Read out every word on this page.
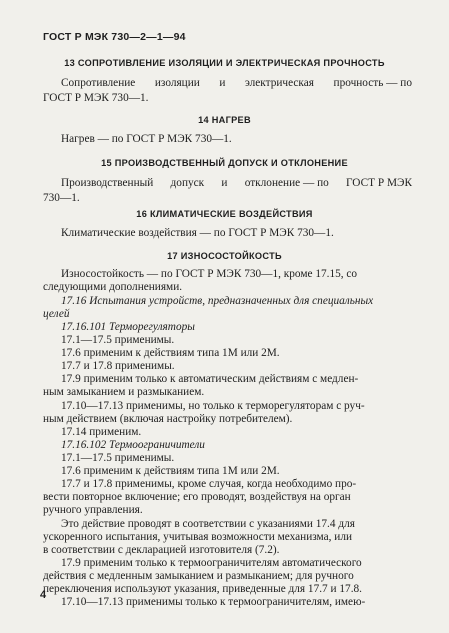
ГОСТ Р МЭК 730—2—1—94
13 СОПРОТИВЛЕНИЕ ИЗОЛЯЦИИ И ЭЛЕКТРИЧЕСКАЯ ПРОЧНОСТЬ
Сопротивление изоляции и электрическая прочность — по
ГОСТ Р МЭК 730—1.
14 НАГРЕВ
Нагрев — по ГОСТ Р МЭК 730—1.
15 ПРОИЗВОДСТВЕННЫЙ ДОПУСК И ОТКЛОНЕНИЕ
Производственный допуск и отклонение — по ГОСТ Р МЭК
730—1.
16 КЛИМАТИЧЕСКИЕ ВОЗДЕЙСТВИЯ
Климатические воздействия — по ГОСТ Р МЭК 730—1.
17 ИЗНОСОСТОЙКОСТЬ
Износостойкость — по ГОСТ Р МЭК 730—1, кроме 17.15, со
следующими дополнениями.
17.16 Испытания устройств, предназначенных для специальных
целей
17.16.101 Терморегуляторы
17.1—17.5 применимы.
17.6 применим к действиям типа 1М или 2М.
17.7 и 17.8 применимы.
17.9 применим только к автоматическим действиям с медлен-
ным замыканием и размыканием.
17.10—17.13 применимы, но только к терморегуляторам с руч-
ным действием (включая настройку потребителем).
17.14 применим.
17.16.102 Термоограничители
17.1—17.5 применимы.
17.6 применим к действиям типа 1М или 2М.
17.7 и 17.8 применимы, кроме случая, когда необходимо про-
вести повторное включение; его проводят, воздействуя на орган
ручного управления.
Это действие проводят в соответствии с указаниями 17.4 для
ускоренного испытания, учитывая возможности механизма, или
в соответствии с декларацией изготовителя (7.2).
17.9 применим только к термоограничителям автоматического
действия с медленным замыканием и размыканием; для ручного
переключения используют указания, приведенные для 17.7 и 17.8.
17.10—17.13 применимы только к термоограничителям, имею-
4
